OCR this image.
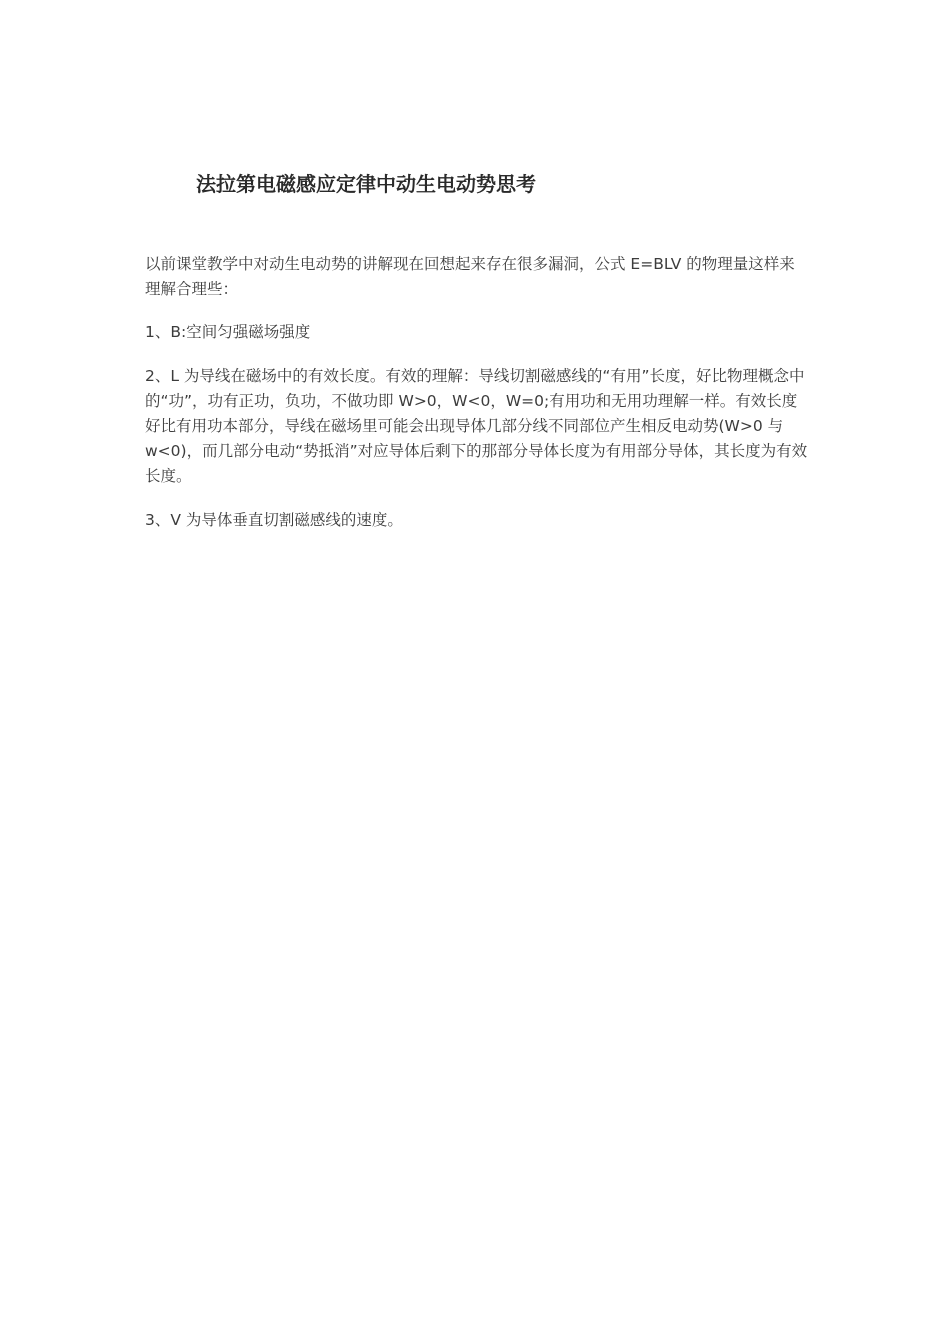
法拉第电磁感应定律中动生电动势思考

以前课堂教学中对动生电动势的讲解现在回想起来存在很多漏洞，公式 E=BLV 的物理量这样来理解合理些：

1、B:空间匀强磁场强度

2、L 为导线在磁场中的有效长度。有效的理解：导线切割磁感线的“有用”长度，好比物理概念中的“功”，功有正功，负功，不做功即 W>0，W<0，W=0;有用功和无用功理解一样。有效长度好比有用功本部分，导线在磁场里可能会出现导体几部分线不同部位产生相反电动势(W>0 与 w<0)，而几部分电动“势抵消”对应导体后剩下的那部分导体长度为有用部分导体，其长度为有效长度。

3、V 为导体垂直切割磁感线的速度。
